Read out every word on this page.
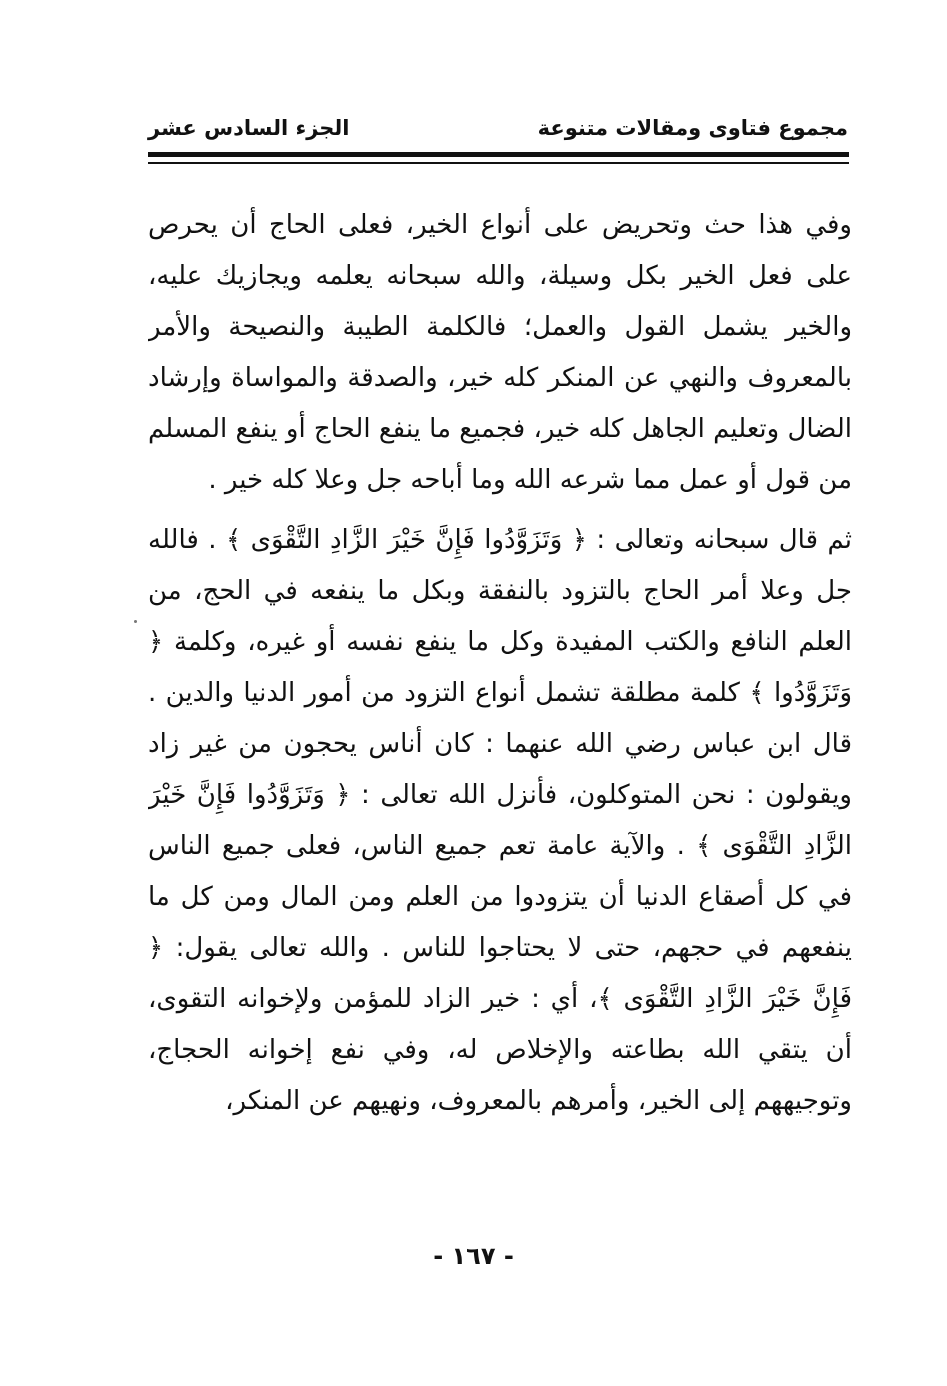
مجموع فتاوى ومقالات متنوعة
الجزء السادس عشر

وفي هذا حث وتحريض على أنواع الخير، فعلى الحاج أن يحرص على فعل الخير بكل وسيلة، والله سبحانه يعلمه ويجازيك عليه، والخير يشمل القول والعمل؛ فالكلمة الطيبة والنصيحة والأمر بالمعروف والنهي عن المنكر كله خير، والصدقة والمواساة وإرشاد الضال وتعليم الجاهل كله خير، فجميع ما ينفع الحاج أو ينفع المسلم من قول أو عمل مما شرعه الله وما أباحه جل وعلا كله خير .

ثم قال سبحانه وتعالى : ﴿ وَتَزَوَّدُوا فَإِنَّ خَيْرَ الزَّادِ التَّقْوَى ﴾ . فالله جل وعلا أمر الحاج بالتزود بالنفقة وبكل ما ينفعه في الحج، من العلم النافع والكتب المفيدة وكل ما ينفع نفسه أو غيره، وكلمة ﴿ وَتَزَوَّدُوا ﴾ كلمة مطلقة تشمل أنواع التزود من أمور الدنيا والدين . قال ابن عباس رضي الله عنهما : كان أناس يحجون من غير زاد ويقولون : نحن المتوكلون، فأنزل الله تعالى : ﴿ وَتَزَوَّدُوا فَإِنَّ خَيْرَ الزَّادِ التَّقْوَى ﴾ . والآية عامة تعم جميع الناس، فعلى جميع الناس في كل أصقاع الدنيا أن يتزودوا من العلم ومن المال ومن كل ما ينفعهم في حجهم، حتى لا يحتاجوا للناس . والله تعالى يقول: ﴿ فَإِنَّ خَيْرَ الزَّادِ التَّقْوَى ﴾، أي : خير الزاد للمؤمن ولإخوانه التقوى، أن يتقي الله بطاعته والإخلاص له، وفي نفع إخوانه الحجاج، وتوجيههم إلى الخير، وأمرهم بالمعروف، ونهيهم عن المنكر،

- ١٦٧ -
